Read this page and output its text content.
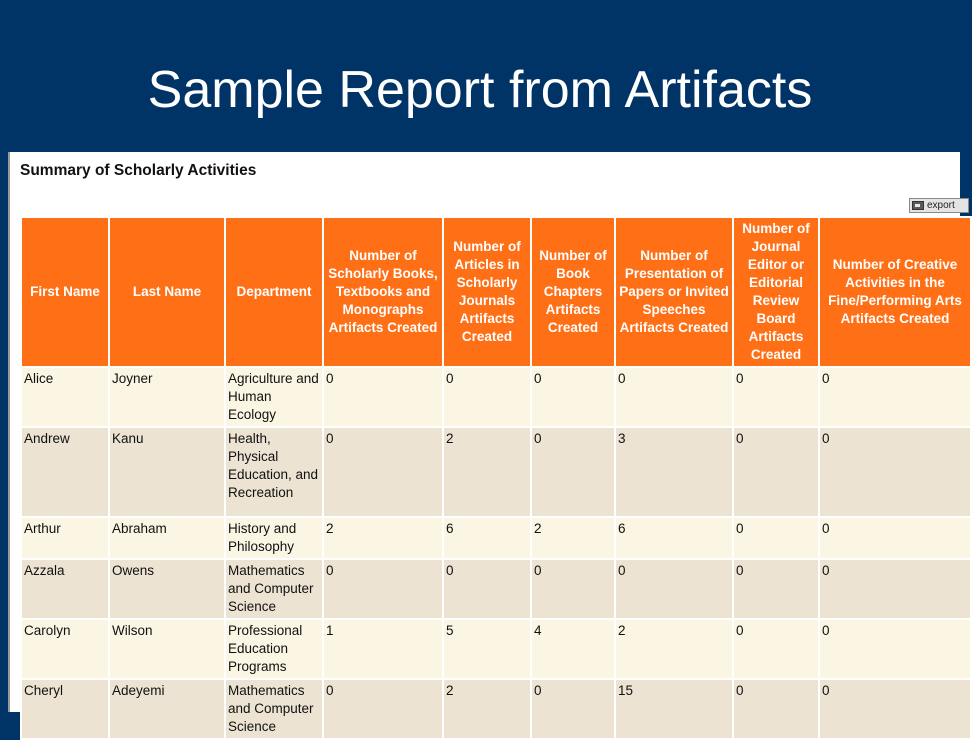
Sample Report from Artifacts
Summary of Scholarly Activities
export
First Name	Last Name	Department	Number of Scholarly Books, Textbooks and Monographs Artifacts Created	Number of Articles in Scholarly Journals Artifacts Created	Number of Book Chapters Artifacts Created	Number of Presentation of Papers or Invited Speeches Artifacts Created	Number of Journal Editor or Editorial Review Board Artifacts Created	Number of Creative Activities in the Fine/Performing Arts Artifacts Created
Alice	Joyner	Agriculture and Human Ecology	0	0	0	0	0	0
Andrew	Kanu	Health, Physical Education, and Recreation	0	2	0	3	0	0
Arthur	Abraham	History and Philosophy	2	6	2	6	0	0
Azzala	Owens	Mathematics and Computer Science	0	0	0	0	0	0
Carolyn	Wilson	Professional Education Programs	1	5	4	2	0	0
Cheryl	Adeyemi	Mathematics and Computer Science	0	2	0	15	0	0
